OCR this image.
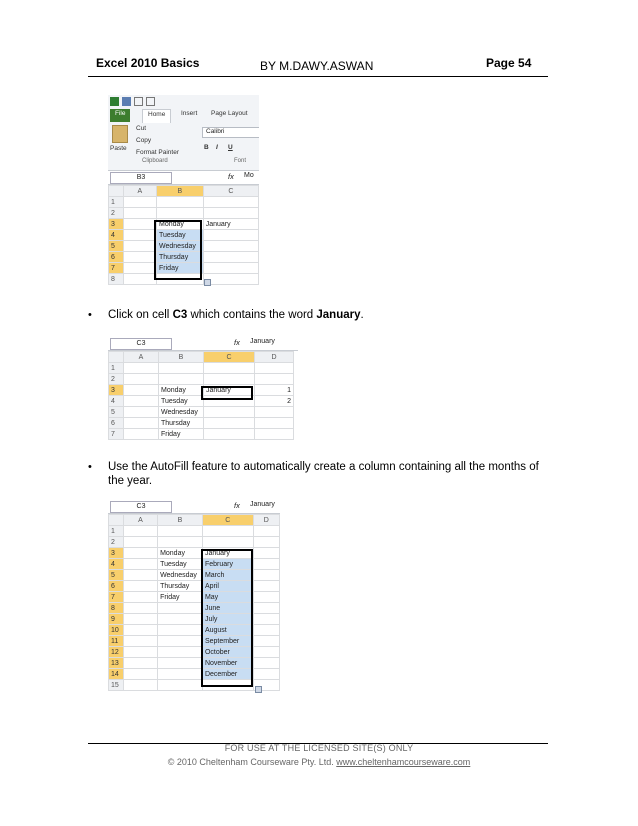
Excel 2010 Basics	BY M.DAWY.ASWAN	Page 54
File	Home	Insert	Page Layout
Paste
Cut
Copy
Format Painter
Clipboard
Calibri
B I U
Font
B3	fx Mo
	A	B	C
1			
2			
3		Monday	January
4		Tuesday	
5		Wednesday	
6		Thursday	
7		Friday	
8			
• Click on cell C3 which contains the word January.
C3	fx January
	A	B	C	D
1				
2				
3		Monday	January	1
4		Tuesday		2
5		Wednesday		
6		Thursday		
7		Friday		
• Use the AutoFill feature to automatically create a column containing all the months of the year.
C3	fx January
	A	B	C	D
1				
2				
3		Monday	January	
4		Tuesday	February	
5		Wednesday	March	
6		Thursday	April	
7		Friday	May	
8			June	
9			July	
10			August	
11			September	
12			October	
13			November	
14			December	
15				
FOR USE AT THE LICENSED SITE(S) ONLY
© 2010 Cheltenham Courseware Pty. Ltd. www.cheltenhamcourseware.com
